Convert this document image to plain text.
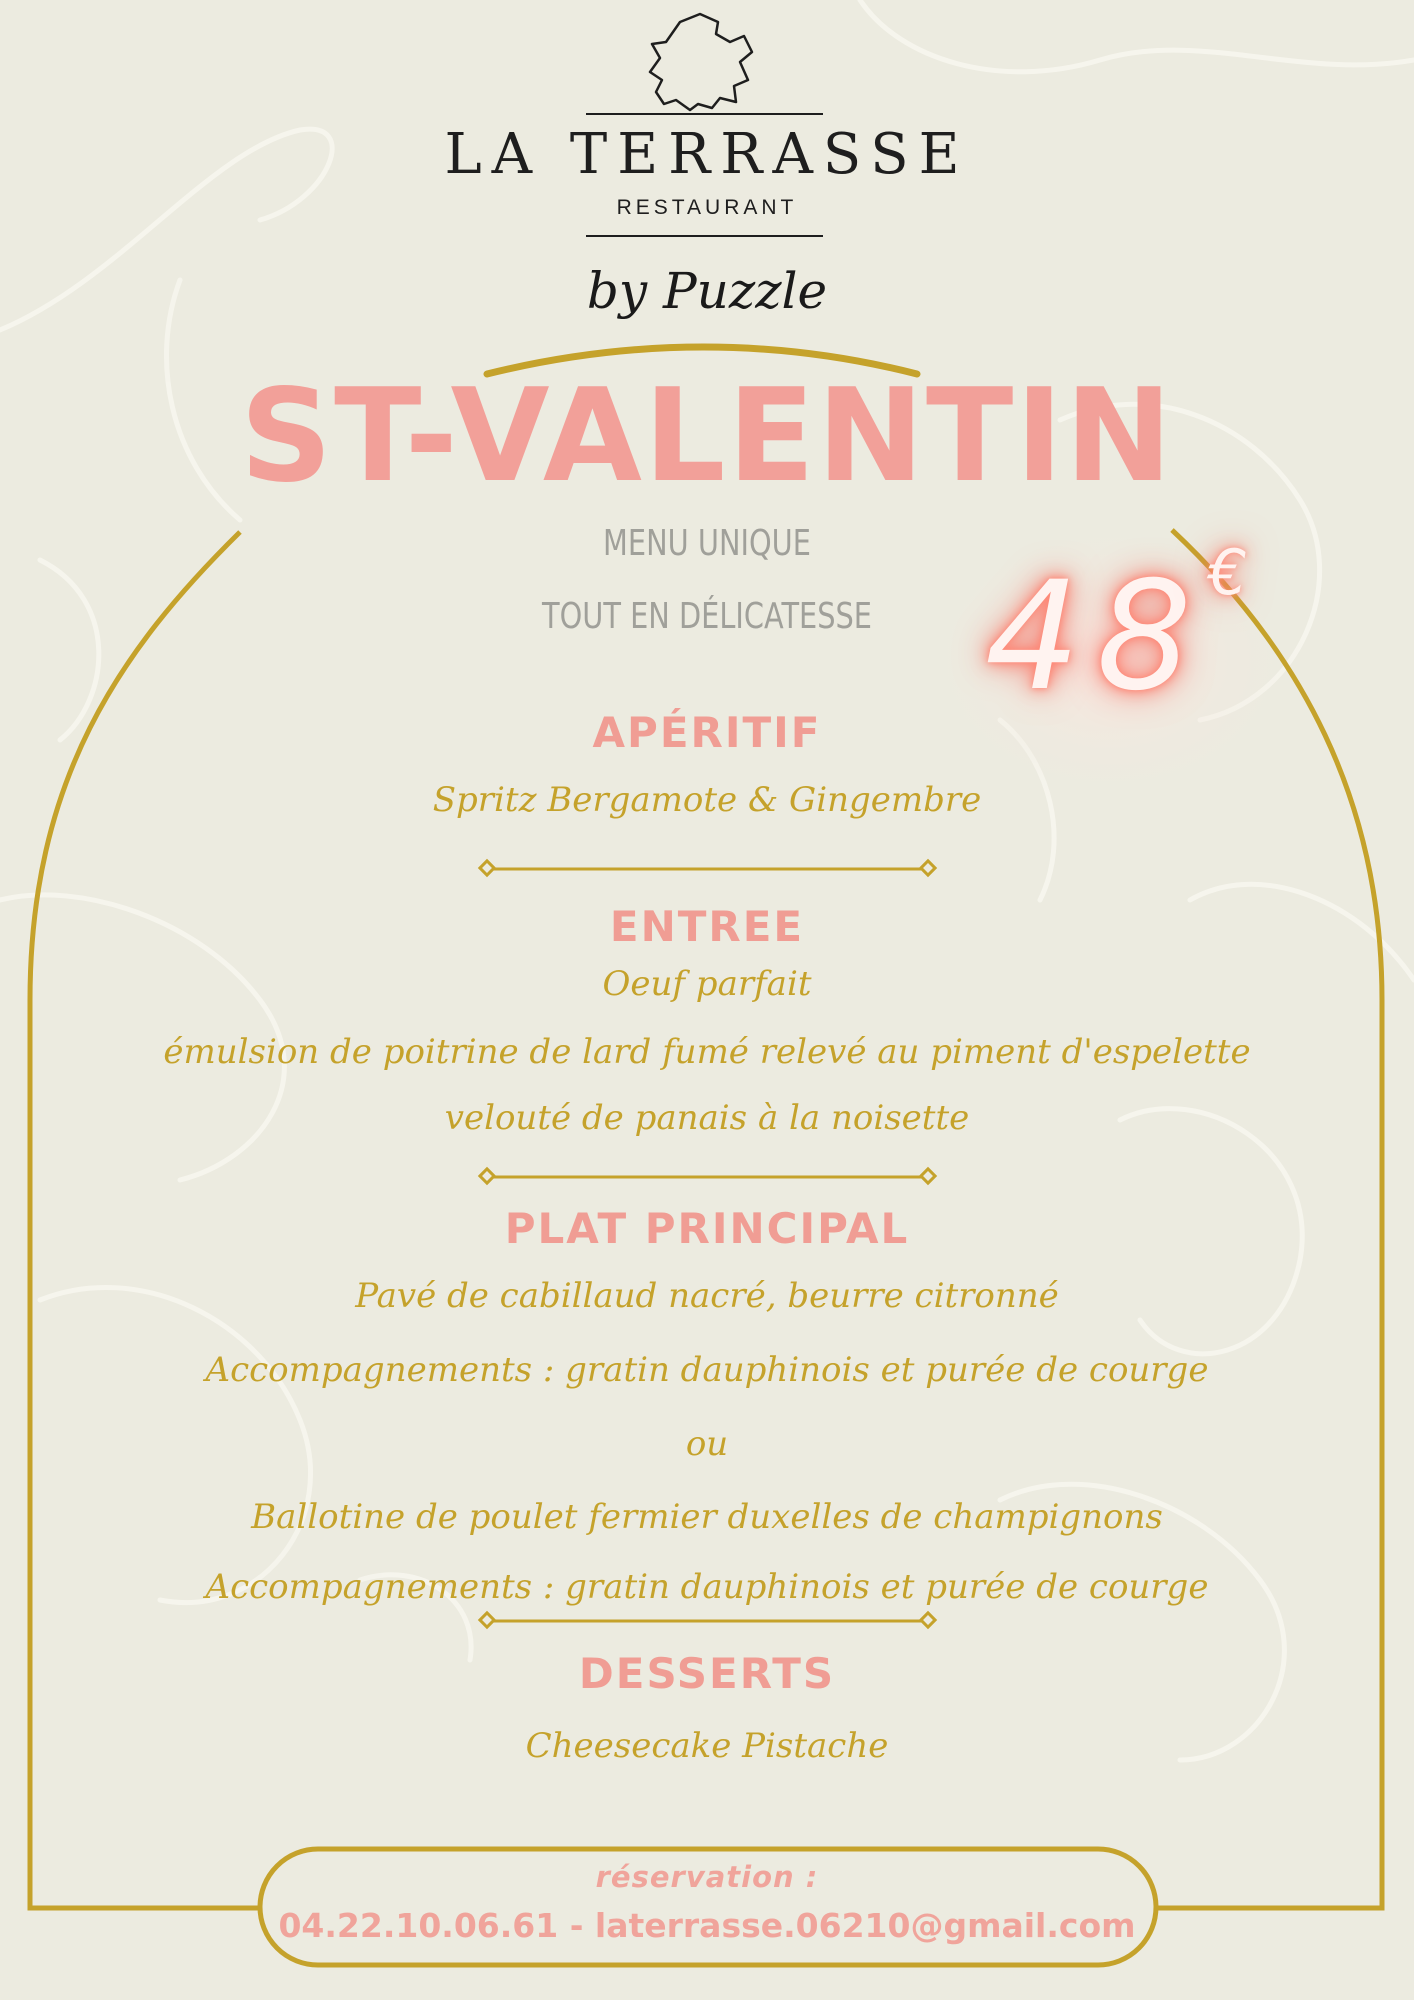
LA TERRASSE
RESTAURANT
by Puzzle
ST-VALENTIN
MENU UNIQUE
TOUT EN DÉLICATESSE 48€
APÉRITIF
Spritz Bergamote & Gingembre
ENTREE
Oeuf parfait
émulsion de poitrine de lard fumé relevé au piment d'espelette
velouté de panais à la noisette
PLAT PRINCIPAL
Pavé de cabillaud nacré, beurre citronné
Accompagnements : gratin dauphinois et purée de courge
ou
Ballotine de poulet fermier duxelles de champignons
Accompagnements : gratin dauphinois et purée de courge
DESSERTS
Cheesecake Pistache
réservation :
04.22.10.06.61 - laterrasse.06210@gmail.com
